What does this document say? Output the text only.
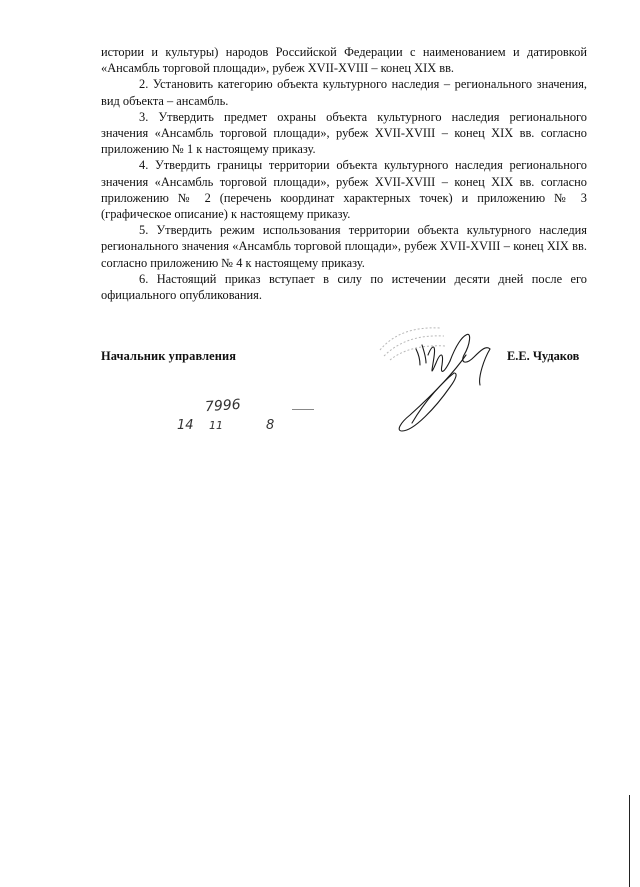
истории и культуры) народов Российской Федерации с наименованием и датировкой «Ансамбль торговой площади», рубеж XVII-XVIII – конец XIX вв.

2. Установить категорию объекта культурного наследия – регионального значения, вид объекта – ансамбль.

3. Утвердить предмет охраны объекта культурного наследия регионального значения «Ансамбль торговой площади», рубеж XVII-XVIII – конец XIX вв. согласно приложению № 1 к настоящему приказу.

4. Утвердить границы территории объекта культурного наследия регионального значения «Ансамбль торговой площади», рубеж XVII-XVIII – конец XIX вв. согласно приложению № 2 (перечень координат характерных точек) и приложению № 3 (графическое описание) к настоящему приказу.

5. Утвердить режим использования территории объекта культурного наследия регионального значения «Ансамбль торговой площади», рубеж XVII-XVIII – конец XIX вв. согласно приложению № 4 к настоящему приказу.

6. Настоящий приказ вступает в силу по истечении десяти дней после его официального опубликования.

Начальник управления	Е.Е. Чудаков
7996
14 11	8
